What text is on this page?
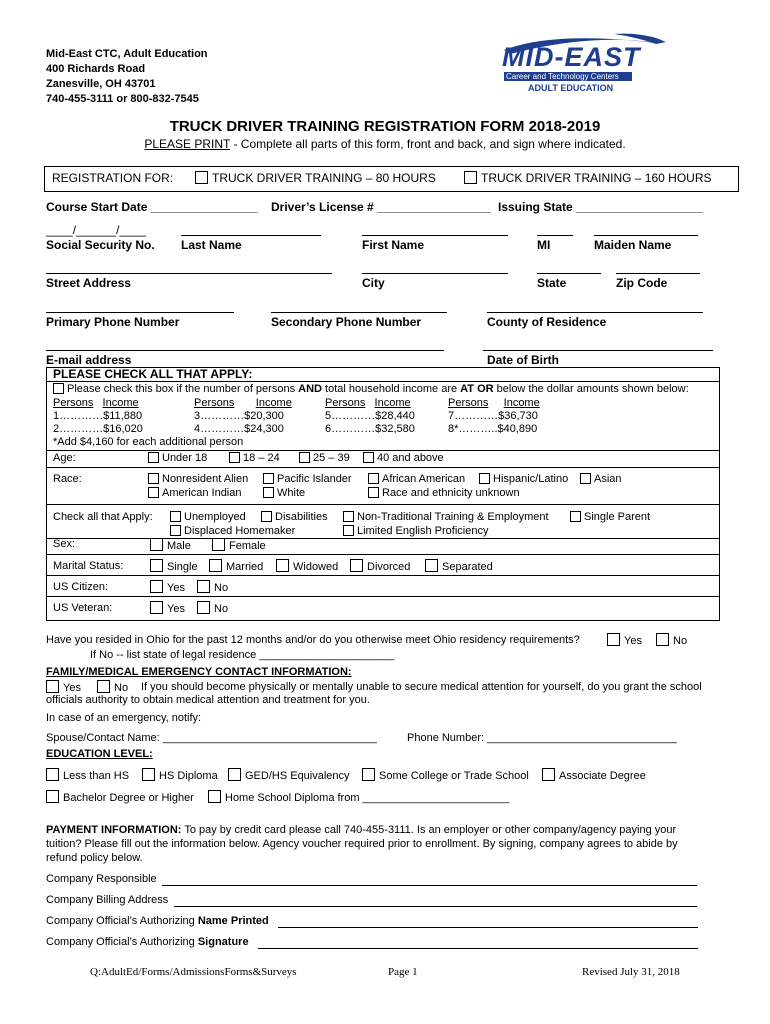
Mid-East CTC, Adult Education
400 Richards Road
Zanesville, OH 43701
740-455-3111 or 800-832-7545
MID-EAST
Career and Technology Centers
ADULT EDUCATION
TRUCK DRIVER TRAINING REGISTRATION FORM 2018-2019
PLEASE PRINT - Complete all parts of this form, front and back, and sign where indicated.
REGISTRATION FOR:	TRUCK DRIVER TRAINING – 80 HOURS	TRUCK DRIVER TRAINING – 160 HOURS
Course Start Date ________________ Driver’s License # _________________ Issuing State ___________________
____/______/____
Social Security No. Last Name	First Name	MI	Maiden Name
Street Address	City	State	Zip Code
Primary Phone Number	Secondary Phone Number	County of Residence
E-mail address	Date of Birth
PLEASE CHECK ALL THAT APPLY:
Please check this box if the number of persons AND total household income are AT OR below the dollar amounts shown below:
Persons Income	Persons Income	Persons Income	Persons Income
1…………$11,880	3…………$20,300	5…………$28,440	7…………$36,730
2…………$16,020	4…………$24,300	6…………$32,580	8*………..$40,890
*Add $4,160 for each additional person
Age:	Under 18	18 – 24	25 – 39	40 and above
Race:	Nonresident Alien	Pacific Islander	African American	Hispanic/Latino	Asian
American Indian	White	Race and ethnicity unknown
Check all that Apply:	Unemployed	Disabilities	Non-Traditional Training & Employment	Single Parent
Displaced Homemaker	Limited English Proficiency
Sex:	Male	Female
Marital Status:	Single	Married	Widowed	Divorced	Separated
US Citizen:	Yes	No
US Veteran:	Yes	No
Have you resided in Ohio for the past 12 months and/or do you otherwise meet Ohio residency requirements?	Yes	No
If No -- list state of legal residence ______________________
FAMILY/MEDICAL EMERGENCY CONTACT INFORMATION:
Yes	No If you should become physically or mentally unable to secure medical attention for yourself, do you grant the school
officials authority to obtain medical attention and treatment for you.
In case of an emergency, notify:
Spouse/Contact Name: ___________________________________	Phone Number: _______________________________
EDUCATION LEVEL:
Less than HS	HS Diploma	GED/HS Equivalency	Some College or Trade School	Associate Degree
Bachelor Degree or Higher	Home School Diploma from ________________________
PAYMENT INFORMATION: To pay by credit card please call 740-455-3111. Is an employer or other company/agency paying your
tuition? Please fill out the information below. Agency voucher required prior to enrollment. By signing, company agrees to abide by
refund policy below.
Company Responsible
Company Billing Address
Company Official’s Authorizing Name Printed
Company Official’s Authorizing Signature
Q:AdultEd/Forms/AdmissionsForms&Surveys	Page 1	Revised July 31, 2018
